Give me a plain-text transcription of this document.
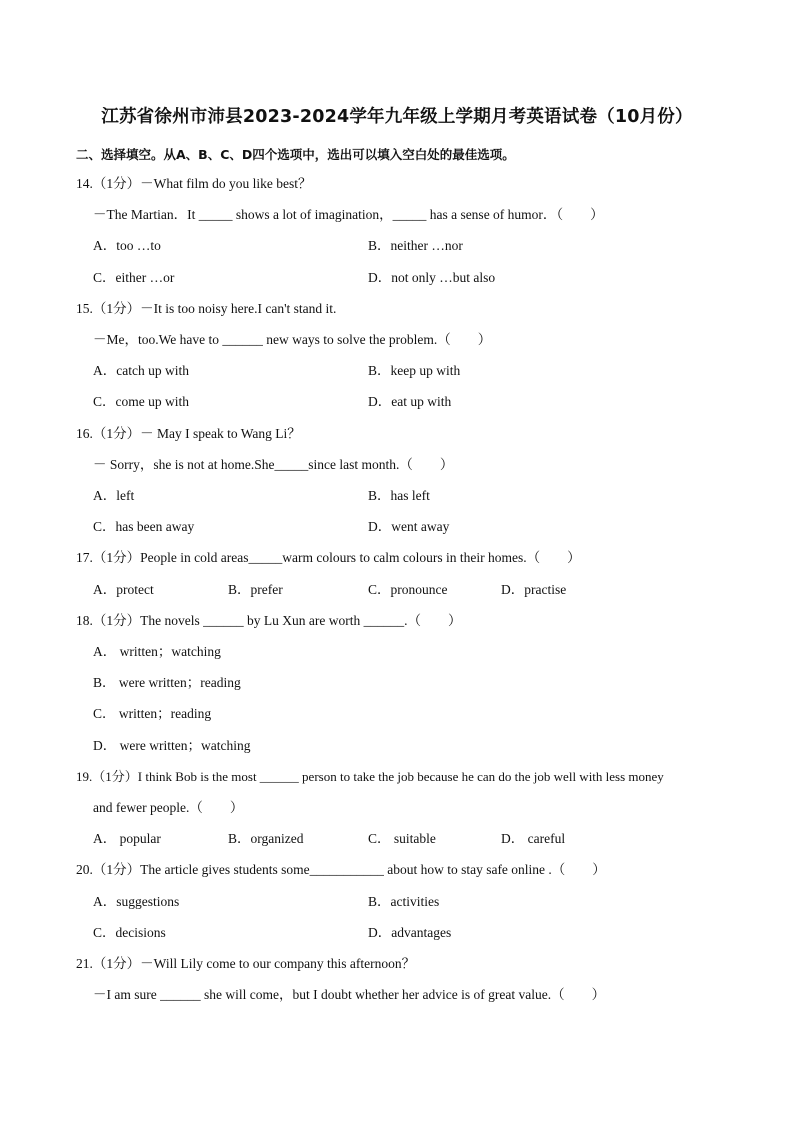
江苏省徐州市沛县2023-2024学年九年级上学期月考英语试卷（10月份）
二、选择填空。从A、B、C、D四个选项中，选出可以填入空白处的最佳选项。
14.（1分）－What film do you like best？
－The Martian．It _____ shows a lot of imagination，_____ has a sense of humor．（　　）
A．too …to	B．neither …nor
C．either …or	D．not only …but also
15.（1分）－It is too noisy here.I can't stand it.
－Me，too.We have to ______ new ways to solve the problem.（　　）
A．catch up with	B．keep up with
C．come up with	D．eat up with
16.（1分）－ May I speak to Wang Li？
－ Sorry，she is not at home.She_____since last month.（　　）
A．left	B．has left
C．has been away	D．went away
17.（1分）People in cold areas_____warm colours to calm colours in their homes.（　　）
A．protect	B．prefer	C．pronounce	D．practise
18.（1分）The novels ______ by Lu Xun are worth ______.（　　）
A． written；watching
B． were written；reading
C． written；reading
D． were written；watching
19.（1分）I think Bob is the most ______ person to take the job because he can do the job well with less money
and fewer people.（　　）
A． popular	B．organized	C． suitable	D． careful
20.（1分）The article gives students some___________ about how to stay safe online .（　　）
A．suggestions	B．activities
C．decisions	D．advantages
21.（1分）－Will Lily come to our company this afternoon？
－I am sure ______ she will come，but I doubt whether her advice is of great value.（　　）
